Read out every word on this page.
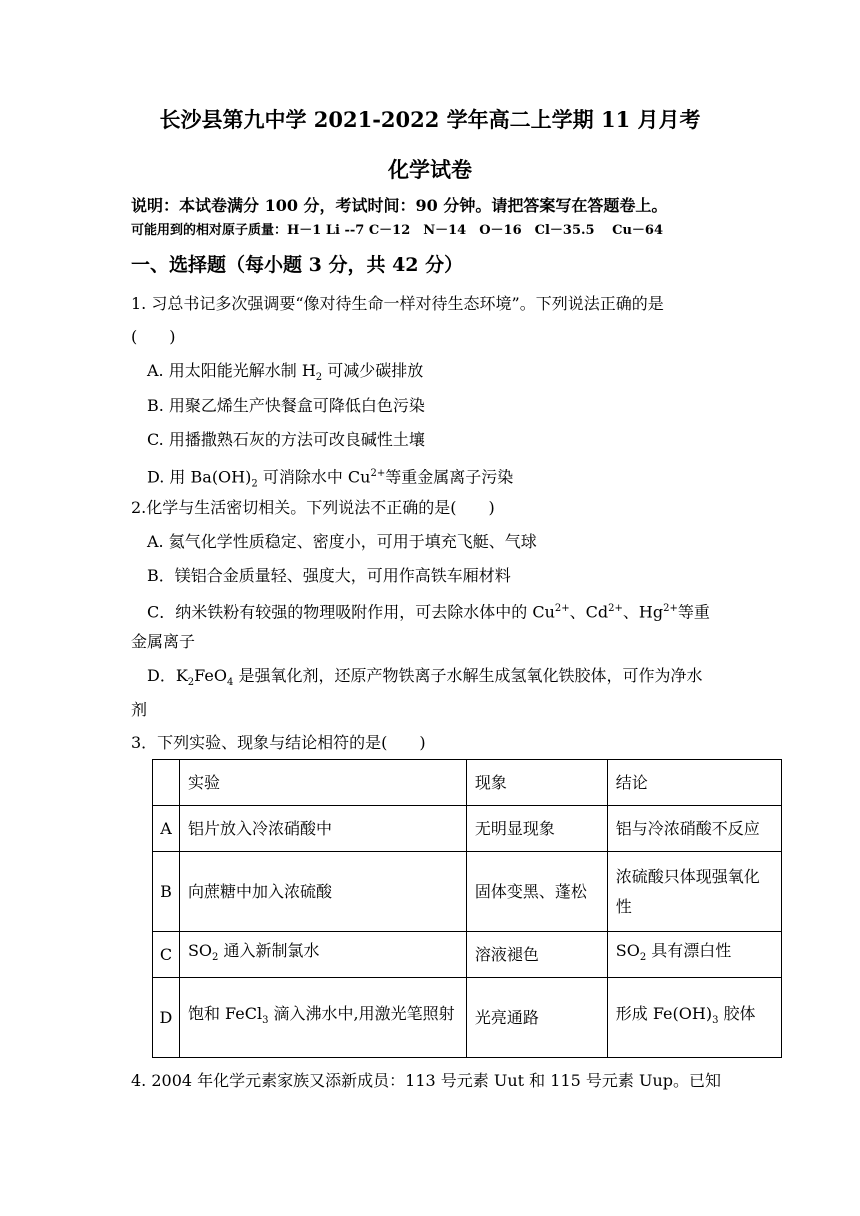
长沙县第九中学 2021-2022 学年高二上学期 11 月月考
化学试卷
说明：本试卷满分 100 分，考试时间：90 分钟。请把答案写在答题卷上。
可能用到的相对原子质量：H－1 Li --7 C－12　N－14　O－16　Cl－35.5　 Cu－64
一、选择题（每小题 3 分，共 42 分）
1. 习总书记多次强调要“像对待生命一样对待生态环境”。下列说法正确的是
(　　)
A. 用太阳能光解水制 $H_2$ 可减少碳排放
B. 用聚乙烯生产快餐盒可降低白色污染
C. 用播撒熟石灰的方法可改良碱性土壤
D. 用 $Ba(OH)_2$ 可消除水中 $Cu^{2+}$等重金属离子污染
2.化学与生活密切相关。下列说法不正确的是(　　)
A. 氦气化学性质稳定、密度小，可用于填充飞艇、气球
B．镁铝合金质量轻、强度大，可用作高铁车厢材料
C．纳米铁粉有较强的物理吸附作用，可去除水体中的 $Cu^{2+}$、$Cd^{2+}$、$Hg^{2+}$等重
金属离子
D．$K_2FeO_4$ 是强氧化剂，还原产物铁离子水解生成氢氧化铁胶体，可作为净水
剂
3．下列实验、现象与结论相符的是(　　)
	实验	现象	结论
A	铝片放入冷浓硝酸中	无明显现象	铝与冷浓硝酸不反应
B	向蔗糖中加入浓硫酸	固体变黑、蓬松	浓硫酸只体现强氧化性
C	$SO_2$ 通入新制氯水	溶液褪色	$SO_2$ 具有漂白性
D	饱和 FeCl$_3$ 滴入沸水中,用激光笔照射	光亮通路	形成 $Fe(OH)_3$ 胶体
4. 2004 年化学元素家族又添新成员：113 号元素 Uut 和 115 号元素 Uup。已知
